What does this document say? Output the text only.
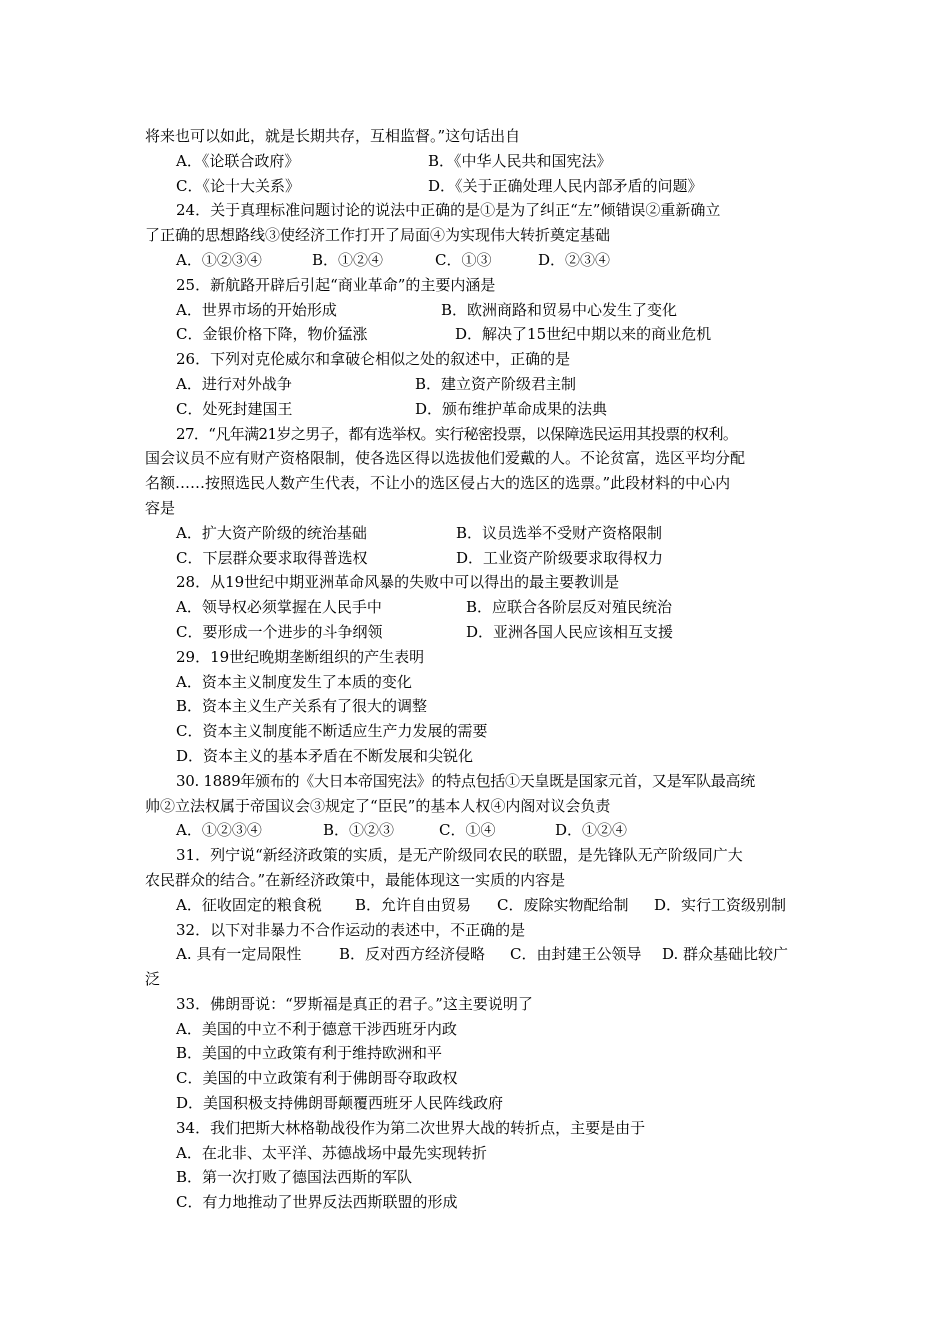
将来也可以如此，就是长期共存，互相监督。”这句话出自
A．《论联合政府》	B．《中华人民共和国宪法》
C．《论十大关系》	D．《关于正确处理人民内部矛盾的问题》
24．关于真理标准问题讨论的说法中正确的是①是为了纠正“左”倾错误②重新确立
了正确的思想路线③使经济工作打开了局面④为实现伟大转折奠定基础
A．①②③④	B．①②④	C．①③	D．②③④
25．新航路开辟后引起“商业革命”的主要内涵是
A．世界市场的开始形成	B．欧洲商路和贸易中心发生了变化
C．金银价格下降，物价猛涨	D．解决了15世纪中期以来的商业危机
26．下列对克伦威尔和拿破仑相似之处的叙述中，正确的是
A．进行对外战争	B．建立资产阶级君主制
C．处死封建国王	D．颁布维护革命成果的法典
27．“凡年满21岁之男子，都有选举权。实行秘密投票，以保障选民运用其投票的权利。
国会议员不应有财产资格限制，使各选区得以选拔他们爱戴的人。不论贫富，选区平均分配
名额……按照选民人数产生代表，不让小的选区侵占大的选区的选票。”此段材料的中心内
容是
A．扩大资产阶级的统治基础	B．议员选举不受财产资格限制
C．下层群众要求取得普选权	D．工业资产阶级要求取得权力
28．从19世纪中期亚洲革命风暴的失败中可以得出的最主要教训是
A．领导权必须掌握在人民手中	B．应联合各阶层反对殖民统治
C．要形成一个进步的斗争纲领	D．亚洲各国人民应该相互支援
29．19世纪晚期垄断组织的产生表明
A．资本主义制度发生了本质的变化
B．资本主义生产关系有了很大的调整
C．资本主义制度能不断适应生产力发展的需要
D．资本主义的基本矛盾在不断发展和尖锐化
30. 1889年颁布的《大日本帝国宪法》的特点包括①天皇既是国家元首，又是军队最高统
帅②立法权属于帝国议会③规定了“臣民”的基本人权④内阁对议会负责
A．①②③④	B．①②③	C．①④	D．①②④
31．列宁说“新经济政策的实质，是无产阶级同农民的联盟，是先锋队无产阶级同广大
农民群众的结合。”在新经济政策中，最能体现这一实质的内容是
A．征收固定的粮食税 B．允许自由贸易 C．废除实物配给制 D．实行工资级别制
32．以下对非暴力不合作运动的表述中，不正确的是
A. 具有一定局限性	B．反对西方经济侵略 C．由封建王公领导 D. 群众基础比较广
泛
33．佛朗哥说：“罗斯福是真正的君子。”这主要说明了
A．美国的中立不利于德意干涉西班牙内政
B．美国的中立政策有利于维持欧洲和平
C．美国的中立政策有利于佛朗哥夺取政权
D．美国积极支持佛朗哥颠覆西班牙人民阵线政府
34．我们把斯大林格勒战役作为第二次世界大战的转折点，主要是由于
A．在北非、太平洋、苏德战场中最先实现转折
B．第一次打败了德国法西斯的军队
C．有力地推动了世界反法西斯联盟的形成
